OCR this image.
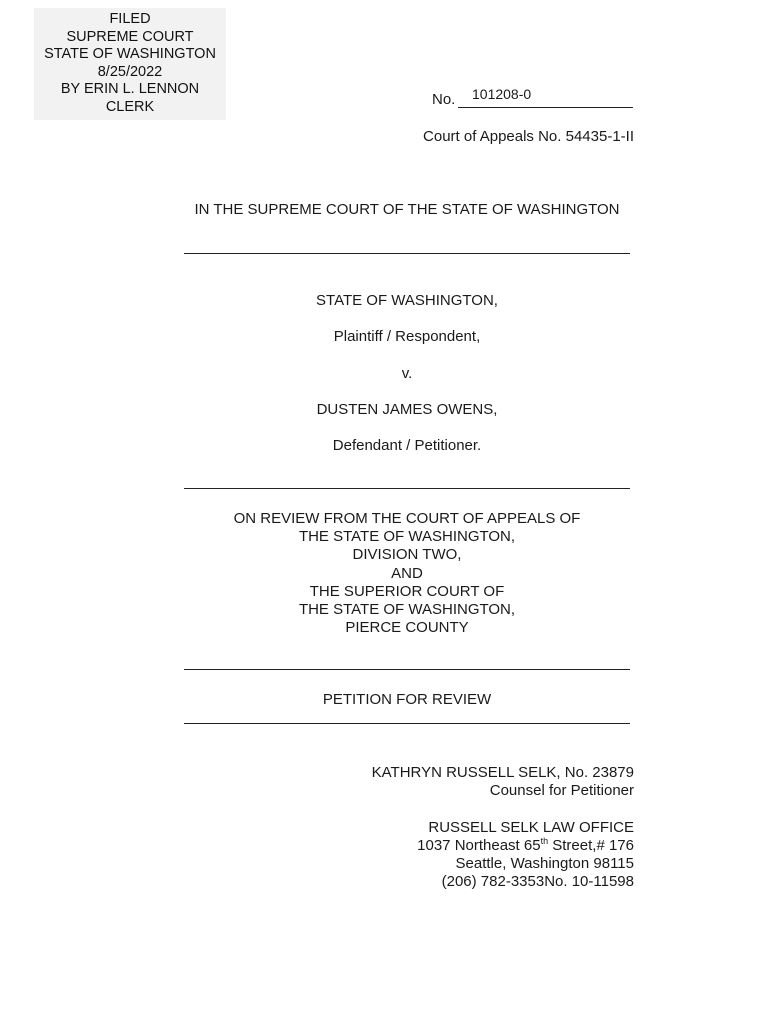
FILED
SUPREME COURT
STATE OF WASHINGTON
8/25/2022
BY ERIN L. LENNON
CLERK	No. 101208-0
Court of Appeals No. 54435-1-II
IN THE SUPREME COURT OF THE STATE OF WASHINGTON
STATE OF WASHINGTON,
Plaintiff / Respondent,
v.
DUSTEN JAMES OWENS,
Defendant / Petitioner.
ON REVIEW FROM THE COURT OF APPEALS OF
THE STATE OF WASHINGTON,
DIVISION TWO,
AND
THE SUPERIOR COURT OF
THE STATE OF WASHINGTON,
PIERCE COUNTY
PETITION FOR REVIEW
KATHRYN RUSSELL SELK, No. 23879
Counsel for Petitioner
RUSSELL SELK LAW OFFICE
1037 Northeast 65th Street,# 176
Seattle, Washington 98115
(206) 782-3353No. 10-11598
